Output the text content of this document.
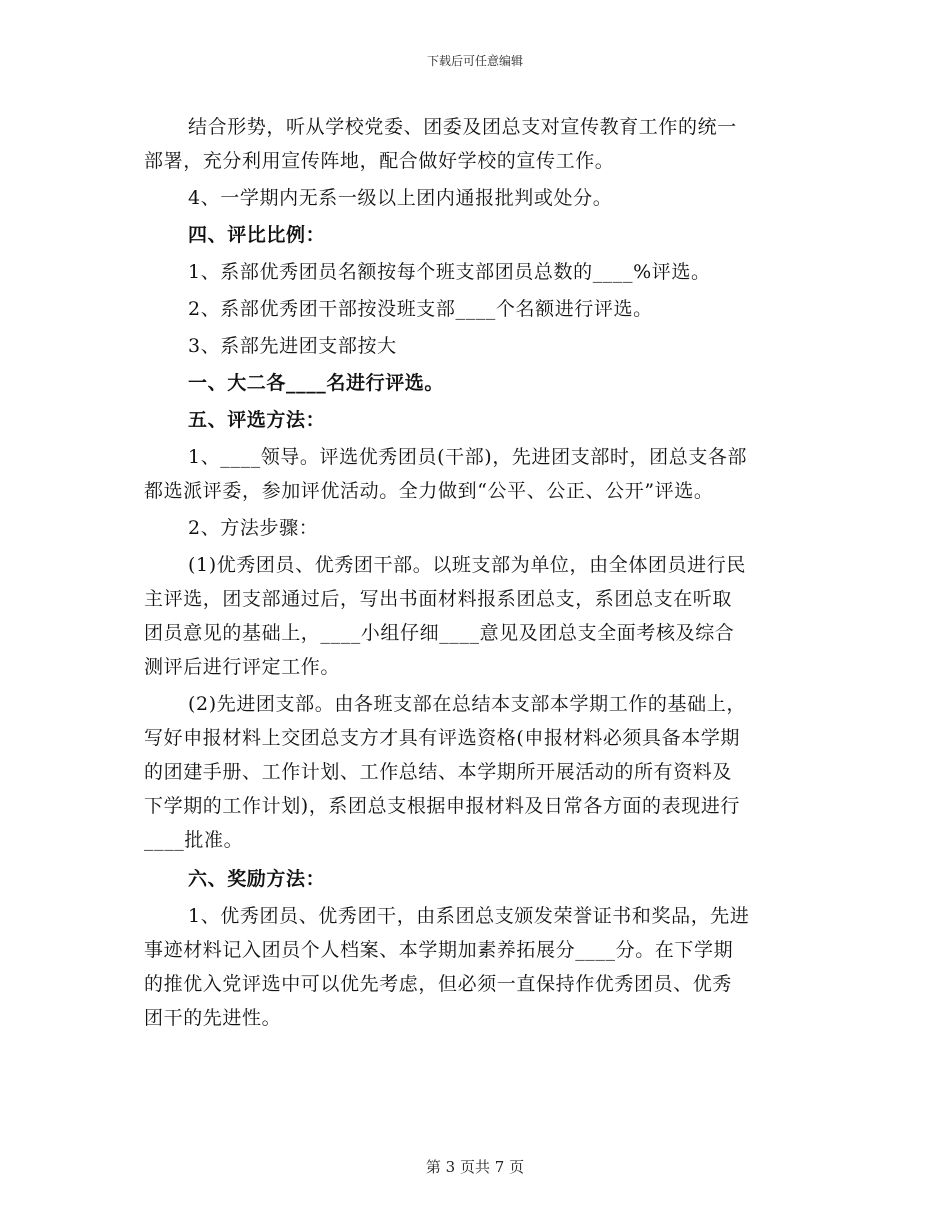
下载后可任意编辑
结合形势，听从学校党委、团委及团总支对宣传教育工作的统一
部署，充分利用宣传阵地，配合做好学校的宣传工作。
4、一学期内无系一级以上团内通报批判或处分。
四、评比比例：
1、系部优秀团员名额按每个班支部团员总数的____%评选。
2、系部优秀团干部按没班支部____个名额进行评选。
3、系部先进团支部按大
一、大二各____名进行评选。
五、评选方法：
1、____领导。评选优秀团员(干部)，先进团支部时，团总支各部
都选派评委，参加评优活动。全力做到“公平、公正、公开”评选。
2、方法步骤：
(1)优秀团员、优秀团干部。以班支部为单位，由全体团员进行民
主评选，团支部通过后，写出书面材料报系团总支，系团总支在听取
团员意见的基础上，____小组仔细____意见及团总支全面考核及综合
测评后进行评定工作。
(2)先进团支部。由各班支部在总结本支部本学期工作的基础上，
写好申报材料上交团总支方才具有评选资格(申报材料必须具备本学期
的团建手册、工作计划、工作总结、本学期所开展活动的所有资料及
下学期的工作计划)，系团总支根据申报材料及日常各方面的表现进行
____批准。
六、奖励方法：
1、优秀团员、优秀团干，由系团总支颁发荣誉证书和奖品，先进
事迹材料记入团员个人档案、本学期加素养拓展分____分。在下学期
的推优入党评选中可以优先考虑，但必须一直保持作优秀团员、优秀
团干的先进性。
第 3 页共 7 页
